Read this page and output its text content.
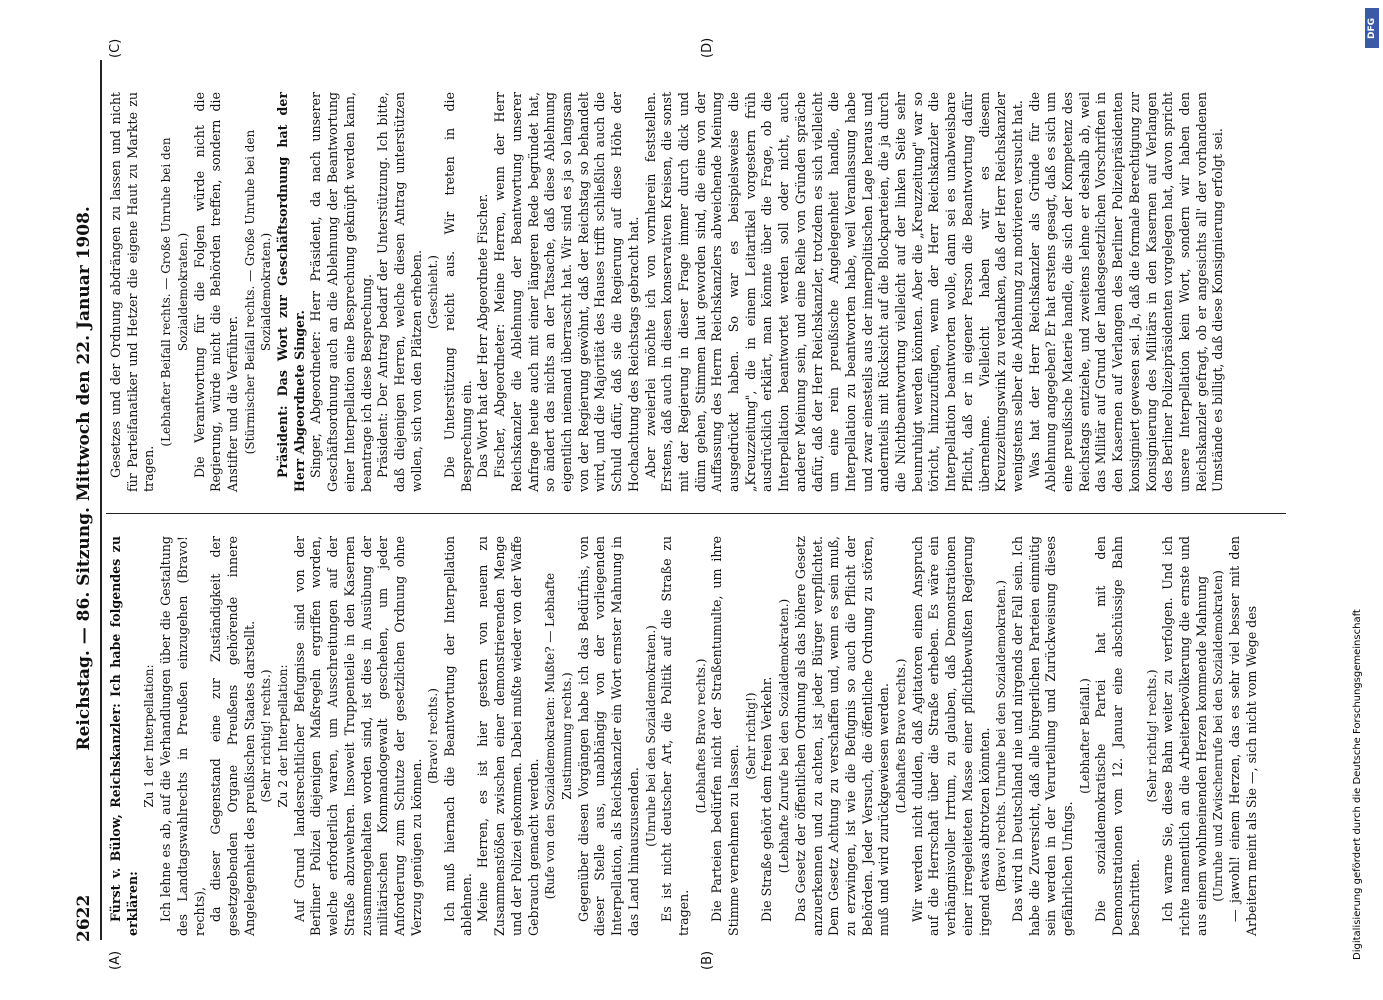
2622
Reichstag. — 86. Sitzung. Mittwoch den 22. Januar 1908.
(A)	(B)
(C)	(D)

Fürst v. Bülow, Reichskanzler: Ich habe folgendes zu erklären:

Zu 1 der Interpellation: Ich lehne es ab, auf die Verhandlungen über die Gestaltung des Landtagswahlrechts in Preußen einzugehen (Bravo! rechts), da dieser Gegenstand eine zur Zuständigkeit der gesetzgebenden Organe Preußens gehörende innere Angelegenheit des preußischen Staates darstellt. (Sehr richtig! rechts.) Zu 2 der Interpellation: Auf Grund landesrechtlicher Befugnisse sind von der Berliner Polizei diejenigen Maßregeln ergriffen worden, welche erforderlich waren, um Ausschreitungen auf der Straße abzuwehren. Insoweit Truppenteile in den Kasernen zusammengehalten worden sind, ist dies in Ausübung der militärischen Kommandogewalt geschehen, um jeder Anforderung zum Schutze der gesetzlichen Ordnung ohne Verzug genügen zu können.

(Bravo! rechts.) Ich muß hiernach die Beantwortung der Interpellation ablehnen. Meine Herren, es ist hier gestern von neuem zu Zusammenstößen zwischen einer demonstrierenden Menge und der Polizei gekommen. Dabei mußte wieder von der Waffe Gebrauch gemacht werden. (Rufe von den Sozialdemokraten: Mußte? — Lebhafte Zustimmung rechts.) Gegenüber diesen Vorgängen habe ich das Bedürfnis, von dieser Stelle aus, unabhängig von der vorliegenden Interpellation, als Reichskanzler ein Wort ernster Mahnung in das Land hinauszusenden.

(Unruhe bei den Sozialdemokraten.) Es ist nicht deutscher Art, die Politik auf die Straße zu tragen.

(Lebhaftes Bravo rechts.) Die Parteien bedürfen nicht der Straßentumulte, um ihre Stimme vernehmen zu lassen.

(Sehr richtig!) Die Straße gehört dem freien Verkehr. (Lebhafte Zurufe bei den Sozialdemokraten.) Das Gesetz der öffentlichen Ordnung als das höhere Gesetz anzuerkennen und zu achten, ist jeder Bürger verpflichtet. Dem Gesetz Achtung zu verschaffen und, wenn es sein muß, zu erzwingen, ist wie die Befugnis so auch die Pflicht der Behörden. Jeder Versuch, die öffentliche Ordnung zu stören, muß und wird zurückgewiesen werden. (Lebhaftes Bravo rechts.) Wir werden nicht dulden, daß Agitatoren einen Anspruch auf die Herrschaft über die Straße erheben. Es wäre ein verhängnisvoller Irrtum, zu glauben, daß Demonstrationen einer irregeleiteten Masse einer pflichtbewußten Regierung irgend etwas abtrotzen könnten. (Bravo! rechts. Unruhe bei den Sozialdemokraten.) Das wird in Deutschland nie und nirgends der Fall sein. Ich habe die Zuversicht, daß alle bürgerlichen Parteien einmütig sein werden in der Verurteilung und Zurückweisung dieses gefährlichen Unfugs.

(Lebhafter Beifall.) Die sozialdemokratische Partei hat mit den Demonstrationen vom 12. Januar eine abschüssige Bahn beschritten.

(Sehr richtig! rechts.) Ich warne Sie, diese Bahn weiter zu verfolgen. Und ich richte namentlich an die Arbeiterbevölkerung die ernste und aus einem wohlmeinenden Herzen kommende Mahnung (Unruhe und Zwischenrufe bei den Sozialdemokraten) — jawohl! einem Herzen, das es sehr viel besser mit den Arbeitern meint als Sie —, sich nicht vom Wege des

Gesetzes und der Ordnung abdrängen zu lassen und nicht für Parteifanatiker und Hetzer die eigene Haut zu Markte zu tragen.

(Lebhafter Beifall rechts. — Große Unruhe bei den Sozialdemokraten.) Die Verantwortung für die Folgen würde nicht die Regierung, würde nicht die Behörden treffen, sondern die Anstifter und die Verführer. (Stürmischer Beifall rechts. — Große Unruhe bei den Sozialdemokraten.) Präsident: Das Wort zur Geschäftsordnung hat der Herr Abgeordnete Singer. Singer, Abgeordneter: Herr Präsident, da nach unserer Geschäftsordnung auch an die Ablehnung der Beantwortung einer Interpellation eine Besprechung geknüpft werden kann, beantrage ich diese Besprechung. Präsident: Der Antrag bedarf der Unterstützung. Ich bitte, daß diejenigen Herren, welche diesen Antrag unterstützen wollen, sich von den Plätzen erheben. (Geschieht.) Die Unterstützung reicht aus. Wir treten in die Besprechung ein. Das Wort hat der Herr Abgeordnete Fischer. Fischer, Abgeordneter: Meine Herren, wenn der Herr Reichskanzler die Ablehnung der Beantwortung unserer Anfrage heute auch mit einer längeren Rede begründet hat, so ändert das nichts an der Tatsache, daß diese Ablehnung eigentlich niemand überrascht hat. Wir sind es ja so langsam von der Regierung gewöhnt, daß der Reichstag so behandelt wird, und die Majorität des Hauses trifft schließlich auch die Schuld dafür, daß sie die Regierung auf diese Höhe der Hochachtung des Reichstags gebracht hat. Aber zweierlei möchte ich von vornherein feststellen. Erstens, daß auch in diesen konservativen Kreisen, die sonst mit der Regierung in dieser Frage immer durch dick und dünn gehen, Stimmen laut geworden sind, die eine von der Auffassung des Herrn Reichskanzlers abweichende Meinung ausgedrückt haben. So war es beispielsweise die „Kreuzzeitung", die in einem Leitartikel vorgestern früh ausdrücklich erklärt, man könnte über die Frage, ob die Interpellation beantwortet werden soll oder nicht, auch anderer Meinung sein, und eine Reihe von Gründen spräche dafür, daß der Herr Reichskanzler, trotzdem es sich vielleicht um eine rein preußische Angelegenheit handle, die Interpellation zu beantworten habe, weil Veranlassung habe und zwar einesteils aus der innerpolitischen Lage heraus und andernteils mit Rücksicht auf die Blockparteien, die ja durch die Nichtbeantwortung vielleicht auf der linken Seite sehr beunruhigt werden könnten. Aber die „Kreuzzeitung" war so töricht, hinzuzufügen, wenn der Herr Reichskanzler die Interpellation beantworten wolle, dann sei es unabweisbare Pflicht, daß er in eigener Person die Beantwortung dafür übernehme. Vielleicht haben wir es diesem Kreuzzeitungswink zu verdanken, daß der Herr Reichskanzler wenigstens selber die Ablehnung zu motivieren versucht hat. Was hat der Herr Reichskanzler als Gründe für die Ablehnung angegeben? Er hat erstens gesagt, daß es sich um eine preußische Materie handle, die sich der Kompetenz des Reichstags entziehe, und zweitens lehne er deshalb ab, weil das Militär auf Grund der landesgesetzlichen Vorschriften in den Kasernen auf Verlangen des Berliner Polizeipräsidenten konsigniert gewesen sei. Ja, daß die formale Berechtigung zur Konsignierung des Militärs in den Kasernen auf Verlangen des Berliner Polizeipräsidenten vorgelegen hat, davon spricht unsere Interpellation kein Wort, sondern wir haben den Reichskanzler gefragt, ob er angesichts all' der vorhandenen Umstände es billigt, daß diese Konsignierung erfolgt sei.

DFG
Digitalisierung gefördert durch die Deutsche Forschungsgemeinschaft
